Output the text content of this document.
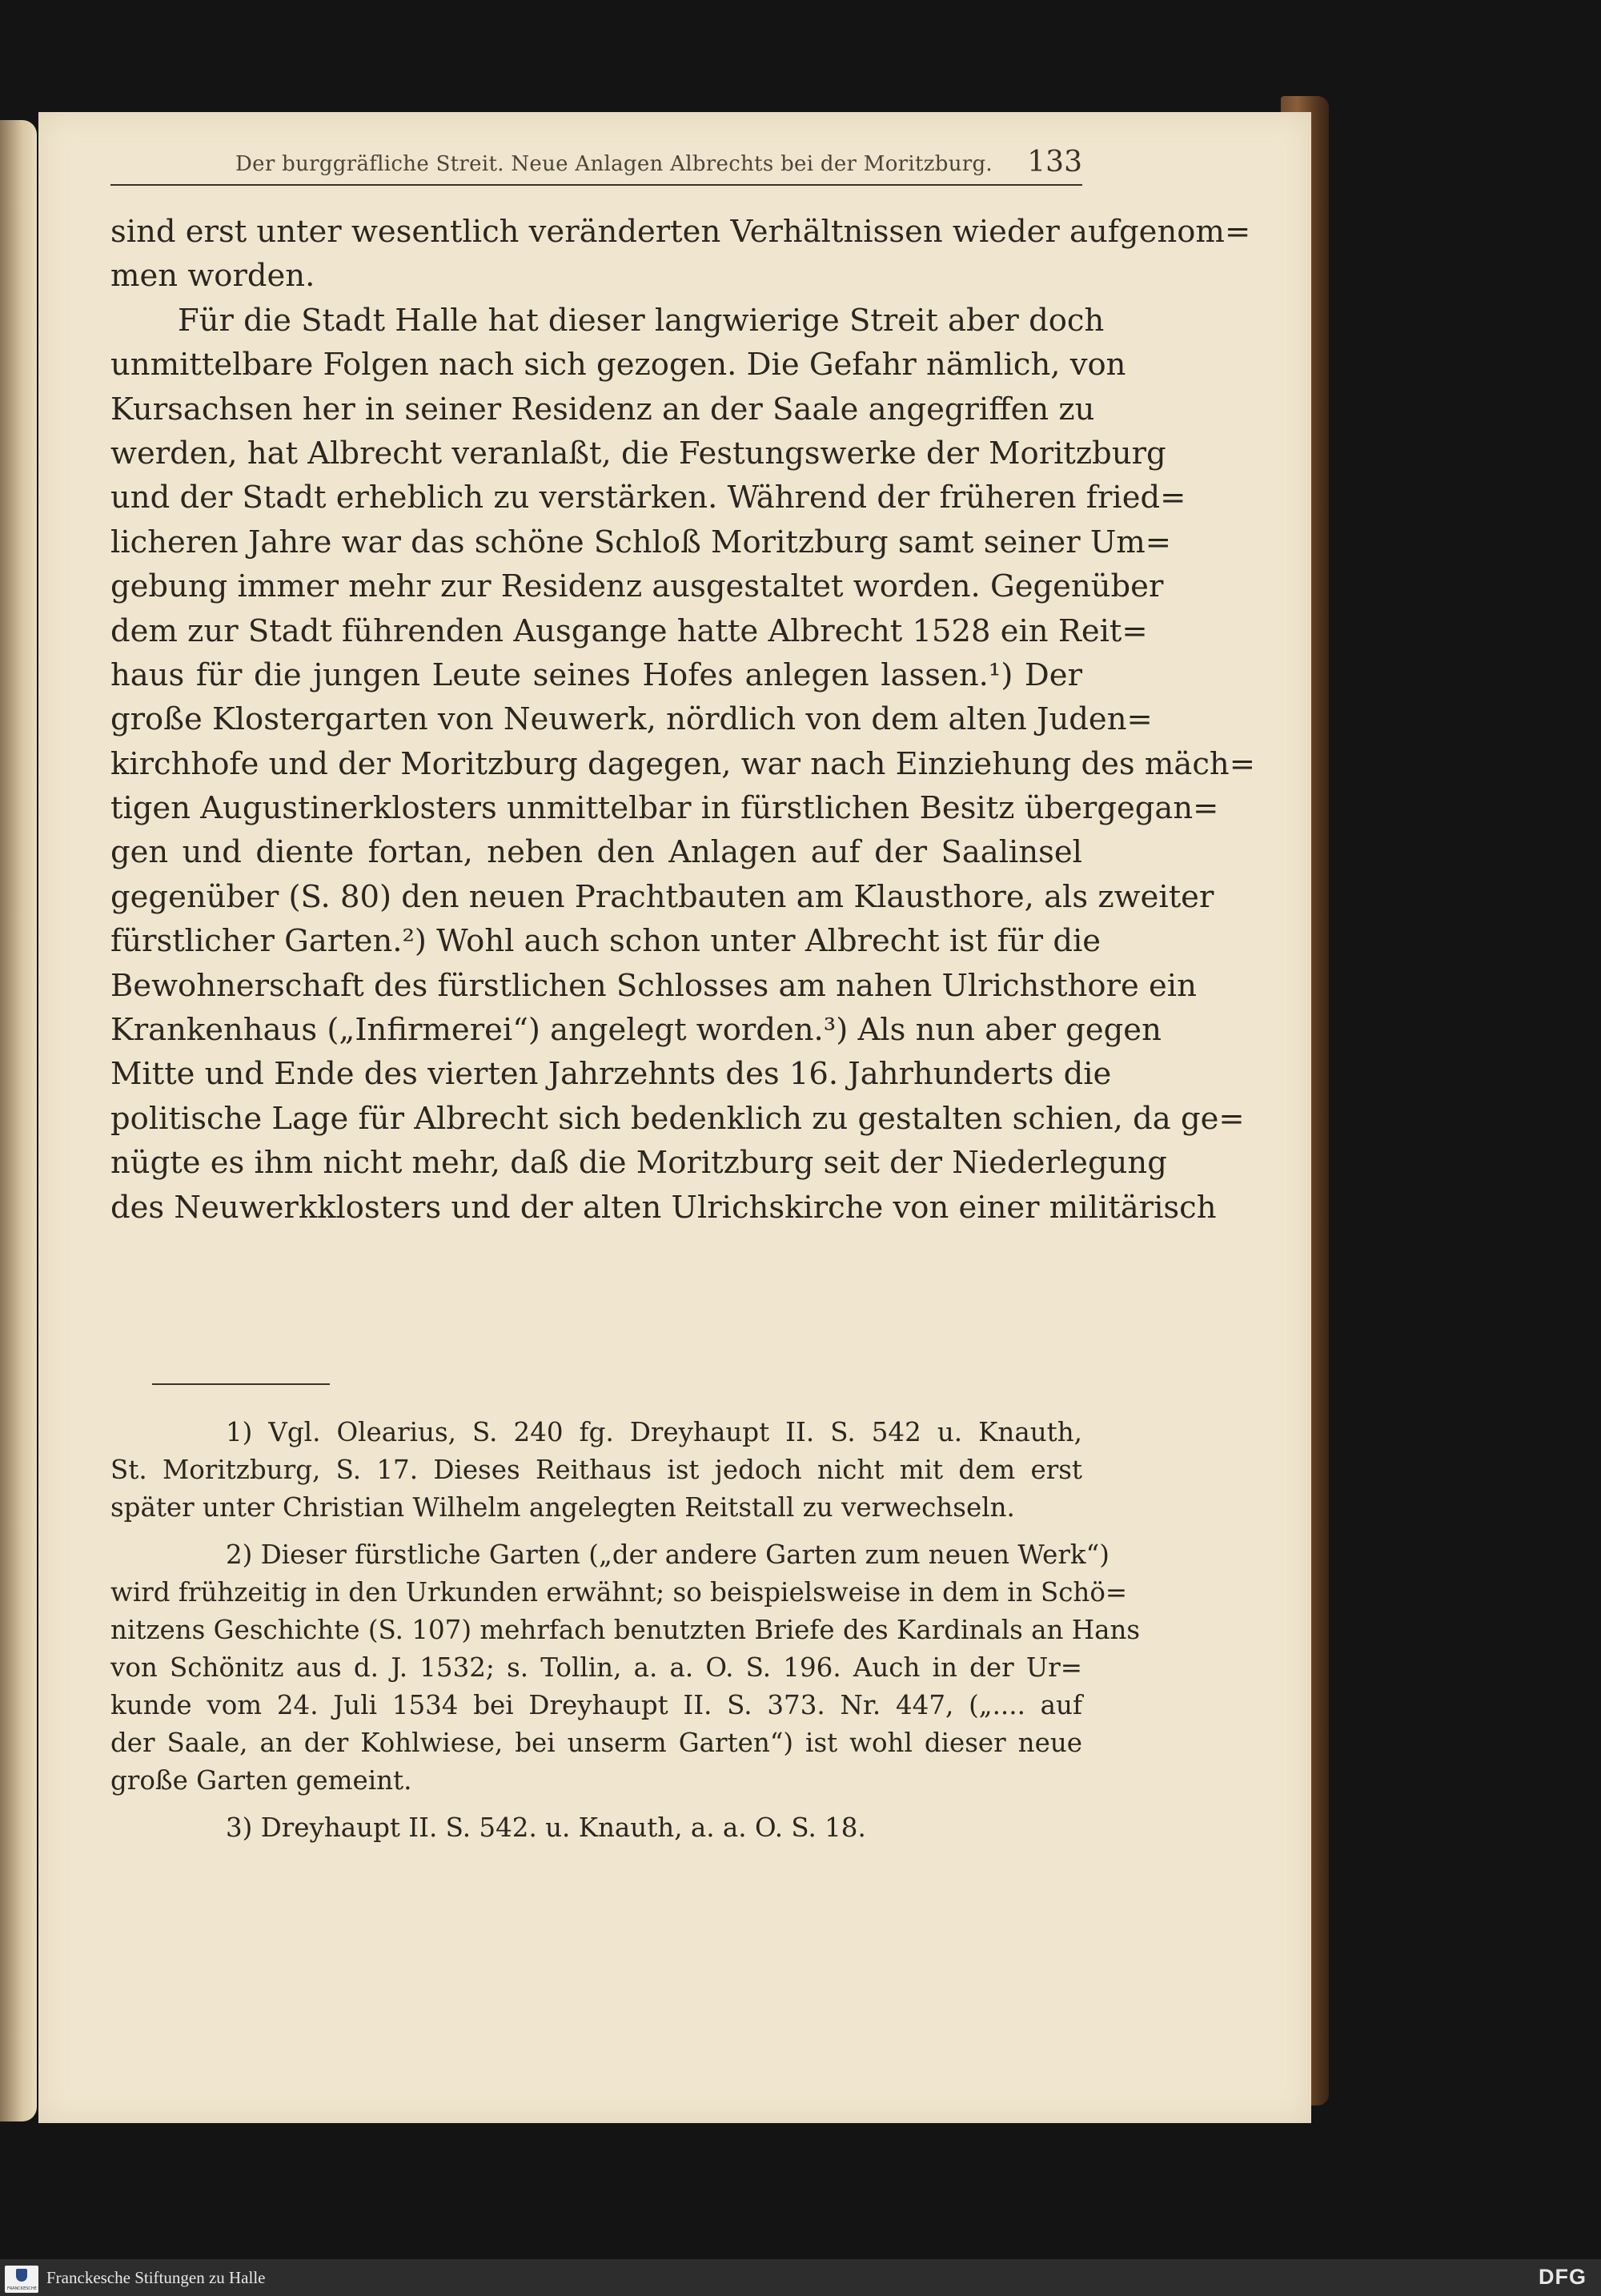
Der burggräfliche Streit. Neue Anlagen Albrechts bei der Moritzburg. 133
sind erst unter wesentlich veränderten Verhältnissen wieder aufgenom=
men worden.
Für die Stadt Halle hat dieser langwierige Streit aber doch
unmittelbare Folgen nach sich gezogen. Die Gefahr nämlich, von
Kursachsen her in seiner Residenz an der Saale angegriffen zu
werden, hat Albrecht veranlaßt, die Festungswerke der Moritzburg
und der Stadt erheblich zu verstärken. Während der früheren fried=
licheren Jahre war das schöne Schloß Moritzburg samt seiner Um=
gebung immer mehr zur Residenz ausgestaltet worden. Gegenüber
dem zur Stadt führenden Ausgange hatte Albrecht 1528 ein Reit=
haus für die jungen Leute seines Hofes anlegen lassen.¹) Der
große Klostergarten von Neuwerk, nördlich von dem alten Juden=
kirchhofe und der Moritzburg dagegen, war nach Einziehung des mäch=
tigen Augustinerklosters unmittelbar in fürstlichen Besitz übergegan=
gen und diente fortan, neben den Anlagen auf der Saalinsel
gegenüber (S. 80) den neuen Prachtbauten am Klausthore, als zweiter
fürstlicher Garten.²) Wohl auch schon unter Albrecht ist für die
Bewohnerschaft des fürstlichen Schlosses am nahen Ulrichsthore ein
Krankenhaus („Infirmerei“) angelegt worden.³) Als nun aber gegen
Mitte und Ende des vierten Jahrzehnts des 16. Jahrhunderts die
politische Lage für Albrecht sich bedenklich zu gestalten schien, da ge=
nügte es ihm nicht mehr, daß die Moritzburg seit der Niederlegung
des Neuwerkklosters und der alten Ulrichskirche von einer militärisch
1) Vgl. Olearius, S. 240 fg. Dreyhaupt II. S. 542 u. Knauth,
St. Moritzburg, S. 17. Dieses Reithaus ist jedoch nicht mit dem erst
später unter Christian Wilhelm angelegten Reitstall zu verwechseln.
2) Dieser fürstliche Garten („der andere Garten zum neuen Werk“)
wird frühzeitig in den Urkunden erwähnt; so beispielsweise in dem in Schö=
nitzens Geschichte (S. 107) mehrfach benutzten Briefe des Kardinals an Hans
von Schönitz aus d. J. 1532; s. Tollin, a. a. O. S. 196. Auch in der Ur=
kunde vom 24. Juli 1534 bei Dreyhaupt II. S. 373. Nr. 447, („.... auf
der Saale, an der Kohlwiese, bei unserm Garten“) ist wohl dieser neue
große Garten gemeint.
3) Dreyhaupt II. S. 542. u. Knauth, a. a. O. S. 18.
FRANCKESCHE STIFTUNGEN
Franckesche Stiftungen zu Halle	DFG
